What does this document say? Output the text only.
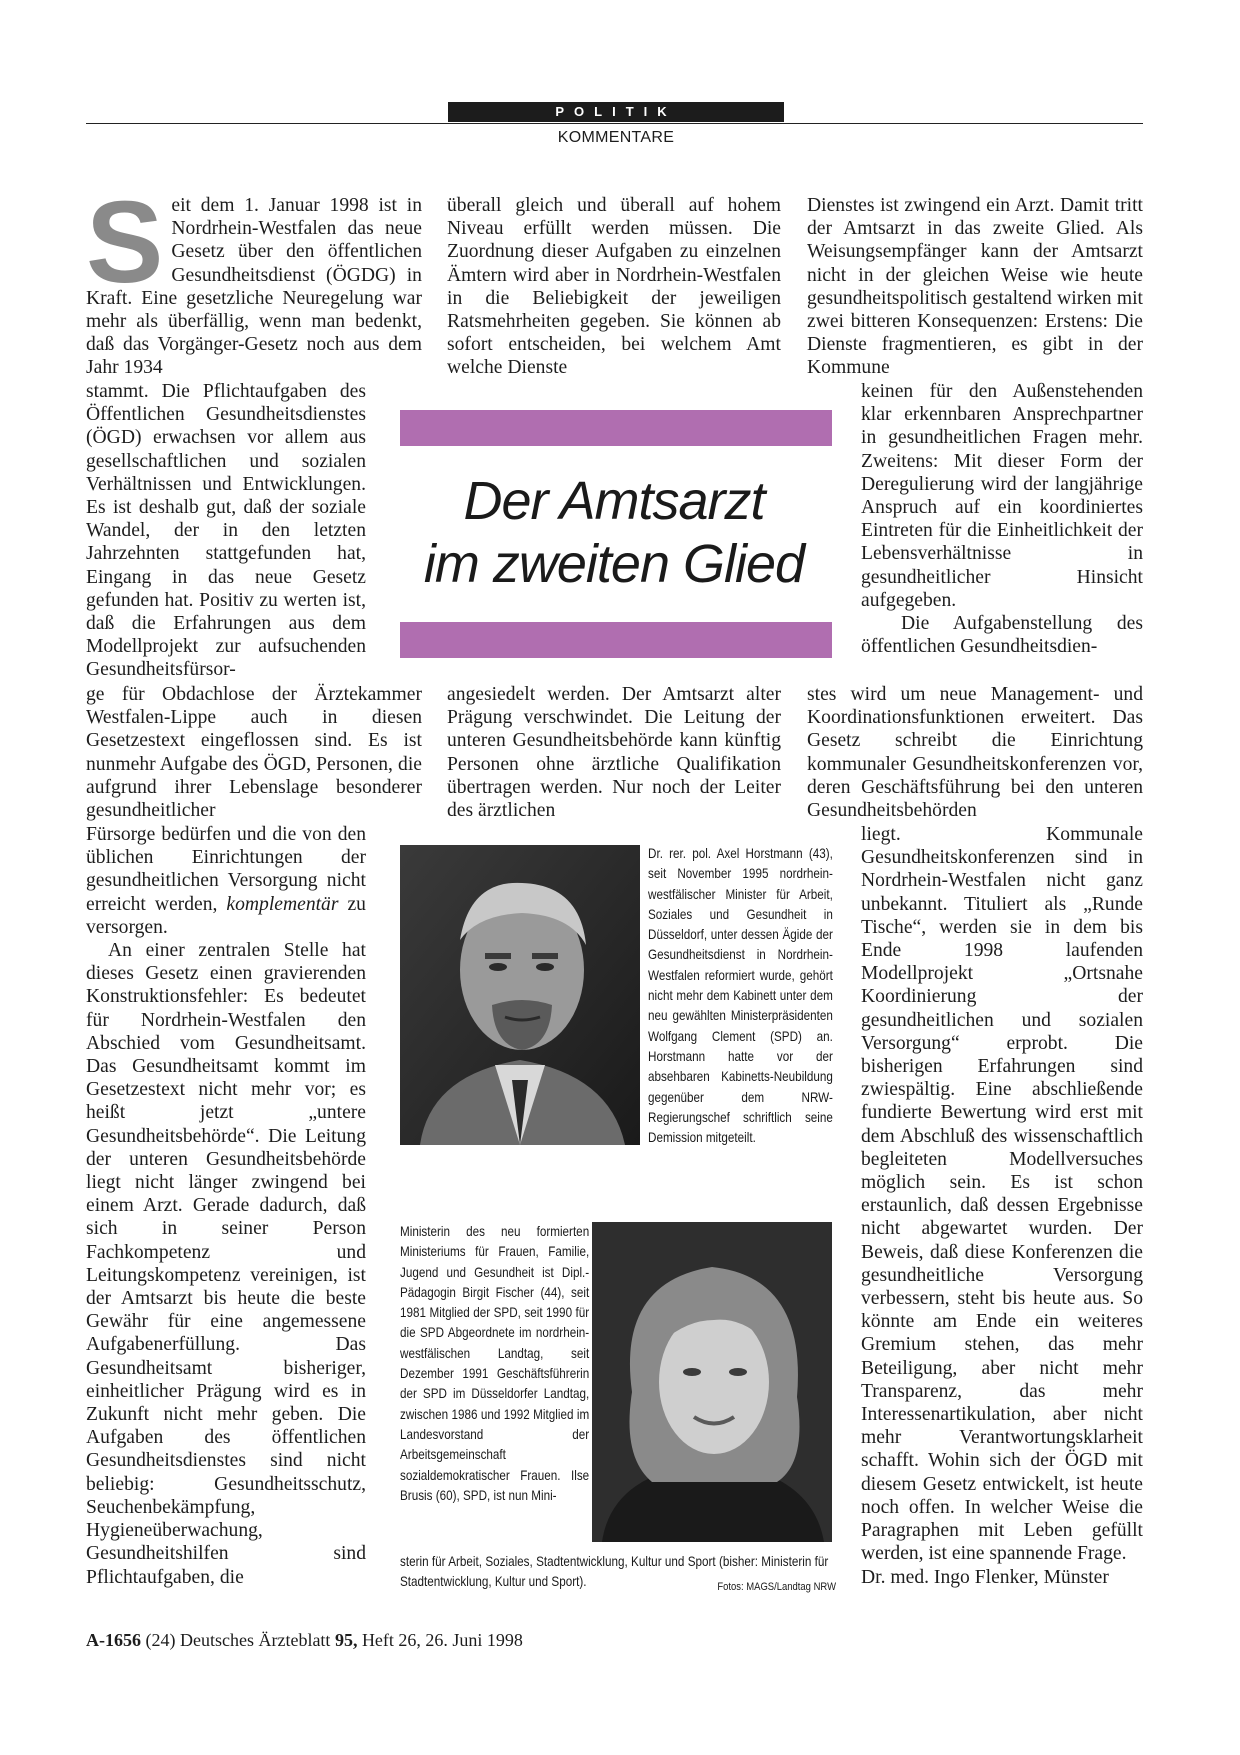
POLITIK
KOMMENTARE

S eit dem 1. Januar 1998 ist in Nordrhein-Westfalen das neue Gesetz über den öffentlichen Gesundheitsdienst (ÖGDG) in Kraft. Eine gesetzliche Neuregelung war mehr als überfällig, wenn man bedenkt, daß das Vorgänger-Gesetz noch aus dem Jahr 1934

stammt. Die Pflichtaufgaben des Öffentlichen Gesundheitsdienstes (ÖGD) erwachsen vor allem aus gesellschaftlichen und sozialen Verhältnissen und Entwicklungen. Es ist deshalb gut, daß der soziale Wandel, der in den letzten Jahrzehnten stattgefunden hat, Eingang in das neue Gesetz gefunden hat. Positiv zu werten ist, daß die Erfahrungen aus dem Modellprojekt zur aufsuchenden Gesundheitsfürsor-

ge für Obdachlose der Ärztekammer Westfalen-Lippe auch in diesen Gesetzestext eingeflossen sind. Es ist nunmehr Aufgabe des ÖGD, Personen, die aufgrund ihrer Lebenslage besonderer gesundheitlicher

Fürsorge bedürfen und die von den üblichen Einrichtungen der gesundheitlichen Versorgung nicht erreicht werden, komplementär zu versorgen.

An einer zentralen Stelle hat dieses Gesetz einen gravierenden Konstruktionsfehler: Es bedeutet für Nordrhein-Westfalen den Abschied vom Gesundheitsamt. Das Gesundheitsamt kommt im Gesetzestext nicht mehr vor; es heißt jetzt „untere Gesundheitsbehörde“. Die Leitung der unteren Gesundheitsbehörde liegt nicht länger zwingend bei einem Arzt. Gerade dadurch, daß sich in seiner Person Fachkompetenz und Leitungskompetenz vereinigen, ist der Amtsarzt bis heute die beste Gewähr für eine angemessene Aufgabenerfüllung. Das Gesundheitsamt bisheriger, einheitlicher Prägung wird es in Zukunft nicht mehr geben. Die Aufgaben des öffentlichen Gesundheitsdienstes sind nicht beliebig: Gesundheitsschutz, Seuchenbekämpfung, Hygieneüberwachung, Gesundheitshilfen sind Pflichtaufgaben, die

überall gleich und überall auf hohem Niveau erfüllt werden müssen. Die Zuordnung dieser Aufgaben zu einzelnen Ämtern wird aber in Nordrhein-Westfalen in die Beliebigkeit der jeweiligen Ratsmehrheiten gegeben. Sie können ab sofort entscheiden, bei welchem Amt welche Dienste

Der Amtsarzt
im zweiten Glied

angesiedelt werden. Der Amtsarzt alter Prägung verschwindet. Die Leitung der unteren Gesundheitsbehörde kann künftig Personen ohne ärztliche Qualifikation übertragen werden. Nur noch der Leiter des ärztlichen

Dr. rer. pol. Axel Horstmann (43), seit November 1995 nordrhein-westfälischer Minister für Arbeit, Soziales und Gesundheit in Düsseldorf, unter dessen Ägide der Gesundheitsdienst in Nordrhein-Westfalen reformiert wurde, gehört nicht mehr dem Kabinett unter dem neu gewählten Ministerpräsidenten Wolfgang Clement (SPD) an. Horstmann hatte vor der absehbaren Kabinetts-Neubildung gegenüber dem NRW-Regierungschef schriftlich seine Demission mitgeteilt.
Ministerin des neu formierten Ministeriums für Frauen, Familie, Jugend und Gesundheit ist Dipl.-Pädagogin Birgit Fischer (44), seit 1981 Mitglied der SPD, seit 1990 für die SPD Abgeordnete im nordrhein-westfälischen Landtag, seit Dezember 1991 Geschäftsführerin der SPD im Düsseldorfer Landtag, zwischen 1986 und 1992 Mitglied im Landesvorstand der Arbeitsgemeinschaft sozialdemokratischer Frauen. Ilse Brusis (60), SPD, ist nun Mini-
sterin für Arbeit, Soziales, Stadtentwicklung, Kultur und Sport (bisher: Ministerin für Stadtentwicklung, Kultur und Sport).	Fotos: MAGS/Landtag NRW

Dienstes ist zwingend ein Arzt. Damit tritt der Amtsarzt in das zweite Glied. Als Weisungsempfänger kann der Amtsarzt nicht in der gleichen Weise wie heute gesundheitspolitisch gestaltend wirken mit zwei bitteren Konsequenzen: Erstens: Die Dienste fragmentieren, es gibt in der Kommune

keinen für den Außenstehenden klar erkennbaren Ansprechpartner in gesundheitlichen Fragen mehr. Zweitens: Mit dieser Form der Deregulierung wird der langjährige Anspruch auf ein koordiniertes Eintreten für die Einheitlichkeit der Lebensverhältnisse in gesundheitlicher Hinsicht aufgegeben.

Die Aufgabenstellung des öffentlichen Gesundheitsdien-

stes wird um neue Management- und Koordinationsfunktionen erweitert. Das Gesetz schreibt die Einrichtung kommunaler Gesundheitskonferenzen vor, deren Geschäftsführung bei den unteren Gesundheitsbehörden

liegt. Kommunale Gesundheitskonferenzen sind in Nordrhein-Westfalen nicht ganz unbekannt. Tituliert als „Runde Tische“, werden sie in dem bis Ende 1998 laufenden Modellprojekt „Ortsnahe Koordinierung der gesundheitlichen und sozialen Versorgung“ erprobt. Die bisherigen Erfahrungen sind zwiespältig. Eine abschließende fundierte Bewertung wird erst mit dem Abschluß des wissenschaftlich begleiteten Modellversuches möglich sein. Es ist schon erstaunlich, daß dessen Ergebnisse nicht abgewartet wurden. Der Beweis, daß diese Konferenzen die gesundheitliche Versorgung verbessern, steht bis heute aus. So könnte am Ende ein weiteres Gremium stehen, das mehr Beteiligung, aber nicht mehr Transparenz, das mehr Interessenartikulation, aber nicht mehr Verantwortungsklarheit schafft. Wohin sich der ÖGD mit diesem Gesetz entwickelt, ist heute noch offen. In welcher Weise die Paragraphen mit Leben gefüllt werden, ist eine spannende Frage.

Dr. med. Ingo Flenker, Münster

A-1656 (24) Deutsches Ärzteblatt 95, Heft 26, 26. Juni 1998
